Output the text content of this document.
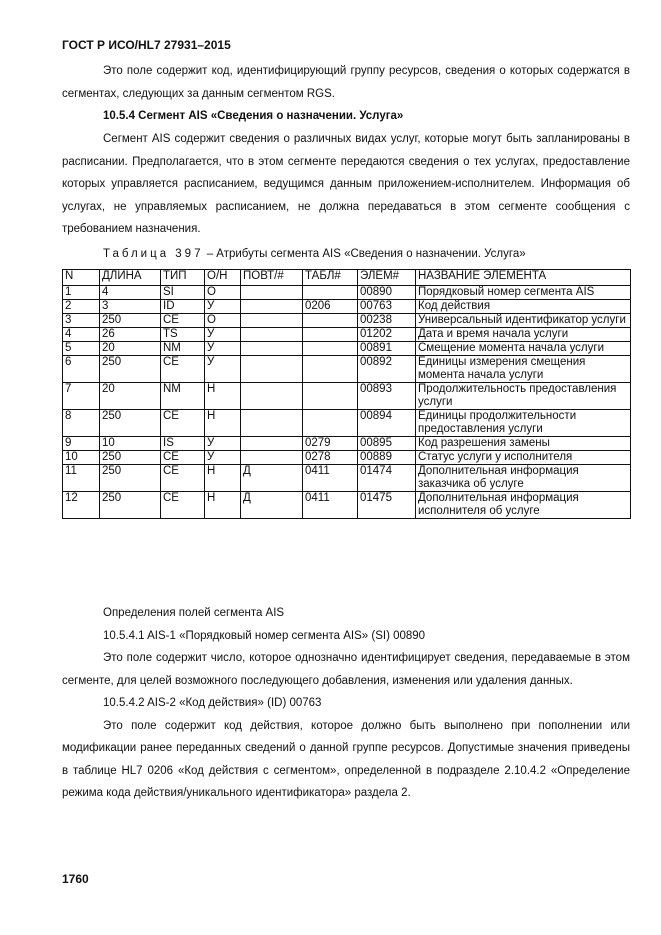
ГОСТ Р ИСО/HL7 27931–2015

Это поле содержит код, идентифицирующий группу ресурсов, сведения о которых содержатся в сегментах, следующих за данным сегментом RGS.

10.5.4 Сегмент AIS «Сведения о назначении. Услуга»

Сегмент AIS содержит сведения о различных видах услуг, которые могут быть запланированы в расписании. Предполагается, что в этом сегменте передаются сведения о тех услугах, предоставление которых управляется расписанием, ведущимся данным приложением-исполнителем. Информация об услугах, не управляемых расписанием, не должна передаваться в этом сегменте сообщения с требованием назначения.

Таблица 397 – Атрибуты сегмента AIS «Сведения о назначении. Услуга»
N	ДЛИНА	ТИП	О/Н	ПОВТ/#	ТАБЛ#	ЭЛЕМ#	НАЗВАНИЕ ЭЛЕМЕНТА
1	4	SI	O			00890	Порядковый номер сегмента AIS
2	3	ID	У		0206	00763	Код действия
3	250	CE	O			00238	Универсальный идентификатор услуги
4	26	TS	У			01202	Дата и время начала услуги
5	20	NM	У			00891	Смещение момента начала услуги
6	250	CE	У			00892	Единицы измерения смещения момента начала услуги
7	20	NM	Н			00893	Продолжительность предоставления услуги
8	250	CE	Н			00894	Единицы продолжительности предоставления услуги
9	10	IS	У		0279	00895	Код разрешения замены
10	250	CE	У		0278	00889	Статус услуги у исполнителя
11	250	CE	Н	Д	0411	01474	Дополнительная информация заказчика об услуге
12	250	CE	Н	Д	0411	01475	Дополнительная информация исполнителя об услуге

Определения полей сегмента AIS

10.5.4.1 AIS-1 «Порядковый номер сегмента AIS» (SI) 00890

Это поле содержит число, которое однозначно идентифицирует сведения, передаваемые в этом сегменте, для целей возможного последующего добавления, изменения или удаления данных.

10.5.4.2 AIS-2 «Код действия» (ID) 00763

Это поле содержит код действия, которое должно быть выполнено при пополнении или модификации ранее переданных сведений о данной группе ресурсов. Допустимые значения приведены в таблице HL7 0206 «Код действия с сегментом», определенной в подразделе 2.10.4.2 «Определение режима кода действия/уникального идентификатора» раздела 2.

1760
